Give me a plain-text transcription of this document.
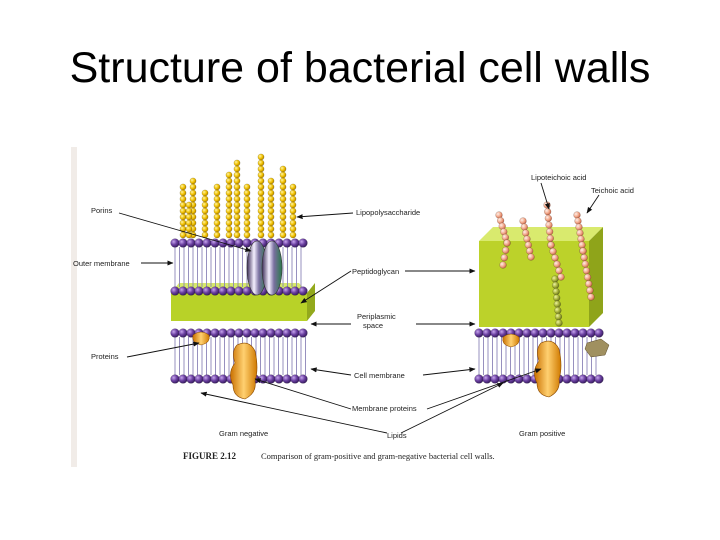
Structure of bacterial cell walls
Porins
Outer membrane
Proteins
Lipopolysaccharide
Peptidoglycan
Periplasmic
space
Cell membrane
Membrane proteins
Lipids
Lipoteichoic acid
Teichoic acid
Gram negative	Gram positive
FIGURE 2.12	Comparison of gram-positive and gram-negative bacterial cell walls.
